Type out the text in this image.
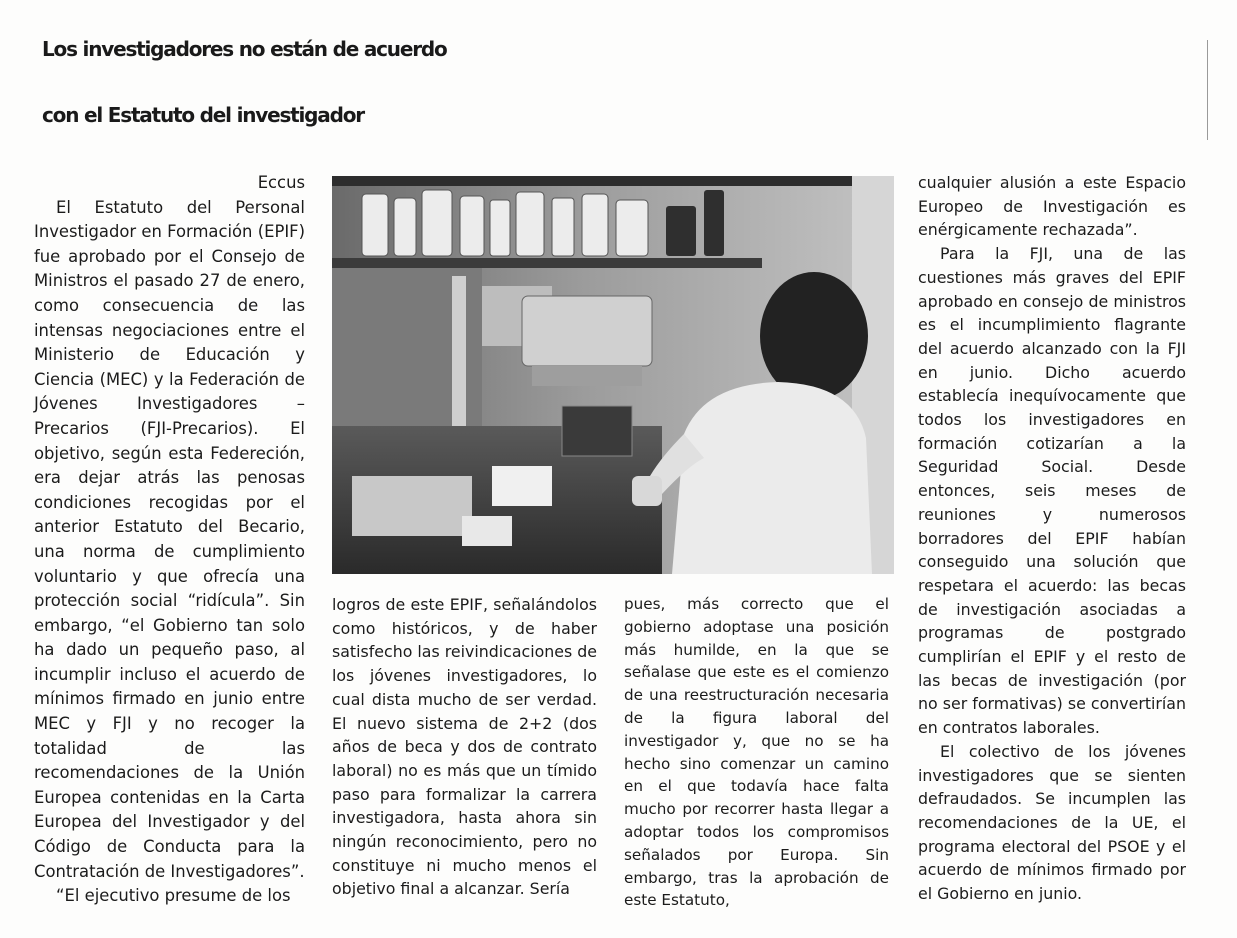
Los investigadores no están de acuerdo
con el Estatuto del investigador

Eccus

El Estatuto del Personal Investigador en Formación (EPIF) fue aprobado por el Consejo de Ministros el pasado 27 de enero, como consecuencia de las intensas negociaciones entre el Ministerio de Educación y Ciencia (MEC) y la Federación de Jóvenes Investigadores – Precarios (FJI-Precarios). El objetivo, según esta Federeción, era dejar atrás las penosas condiciones recogidas por el anterior Estatuto del Becario, una norma de cumplimiento voluntario y que ofrecía una protección social “ridícula”. Sin embargo, “el Gobierno tan solo ha dado un pequeño paso, al incumplir incluso el acuerdo de mínimos firmado en junio entre MEC y FJI y no recoger la totalidad de las recomendaciones de la Unión Europea contenidas en la Carta Europea del Investigador y del Código de Conducta para la Contratación de Investigadores”.

“El ejecutivo presume de los

logros de este EPIF, señalándolos como históricos, y de haber satisfecho las reivindicaciones de los jóvenes investigadores, lo cual dista mucho de ser verdad. El nuevo sistema de 2+2 (dos años de beca y dos de contrato laboral) no es más que un tímido paso para formalizar la carrera investigadora, hasta ahora sin ningún reconocimiento, pero no constituye ni mucho menos el objetivo final a alcanzar. Sería

pues, más correcto que el gobierno adoptase una posición más humilde, en la que se señalase que este es el comienzo de una reestructuración necesaria de la figura laboral del investigador y, que no se ha hecho sino comenzar un camino en el que todavía hace falta mucho por recorrer hasta llegar a adoptar todos los compromisos señalados por Europa. Sin embargo, tras la aprobación de este Estatuto,

cualquier alusión a este Espacio Europeo de Investigación es enérgicamente rechazada”.

Para la FJI, una de las cuestiones más graves del EPIF aprobado en consejo de ministros es el incumplimiento flagrante del acuerdo alcanzado con la FJI en junio. Dicho acuerdo establecía inequívocamente que todos los investigadores en formación cotizarían a la Seguridad Social. Desde entonces, seis meses de reuniones y numerosos borradores del EPIF habían conseguido una solución que respetara el acuerdo: las becas de investigación asociadas a programas de postgrado cumplirían el EPIF y el resto de las becas de investigación (por no ser formativas) se convertirían en contratos laborales.

El colectivo de los jóvenes investigadores que se sienten defraudados. Se incumplen las recomendaciones de la UE, el programa electoral del PSOE y el acuerdo de mínimos firmado por el Gobierno en junio.
